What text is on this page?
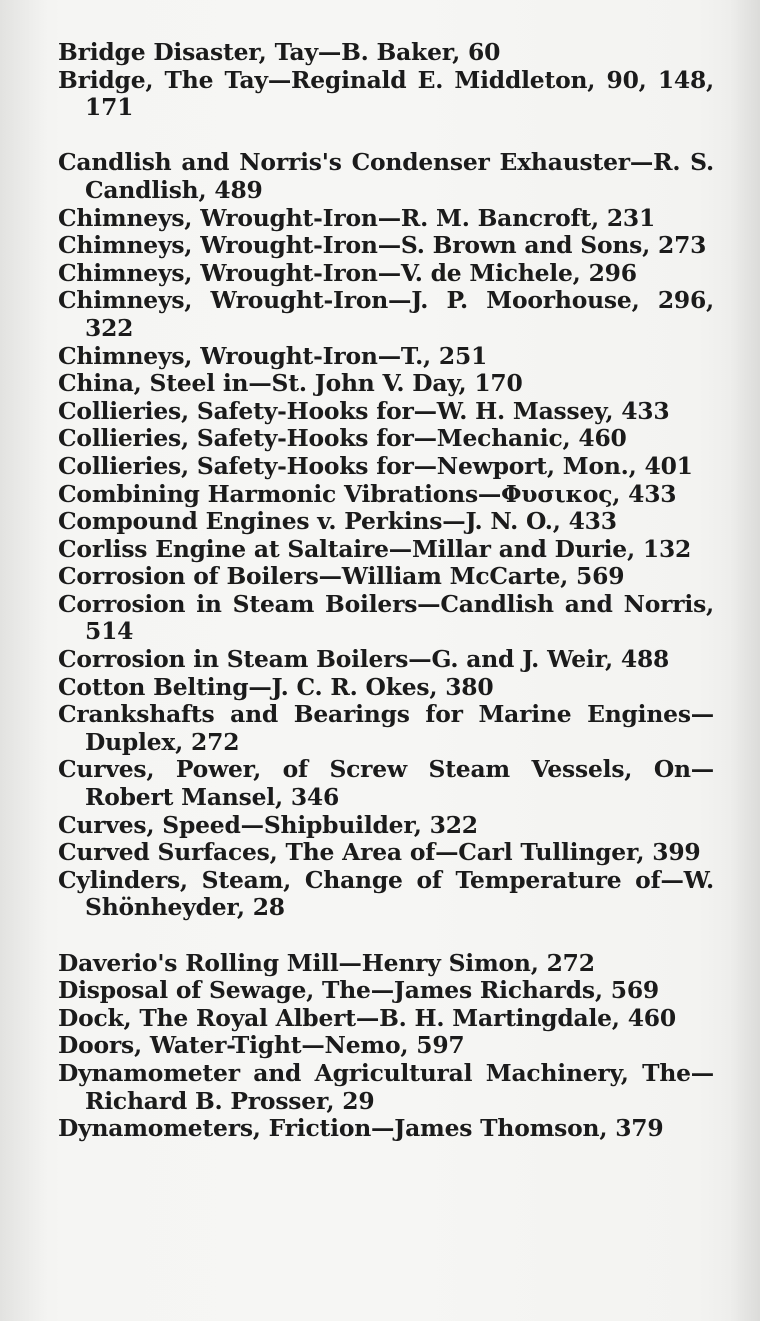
Bridge Disaster, Tay—B. Baker, 60

Bridge, The Tay—Reginald E. Middleton, 90, 148, 171

Candlish and Norris's Condenser Exhauster—R. S. Candlish, 489

Chimneys, Wrought-Iron—R. M. Bancroft, 231

Chimneys, Wrought-Iron—S. Brown and Sons, 273

Chimneys, Wrought-Iron—V. de Michele, 296

Chimneys, Wrought-Iron—J. P. Moorhouse, 296, 322

Chimneys, Wrought-Iron—T., 251

China, Steel in—St. John V. Day, 170

Collieries, Safety-Hooks for—W. H. Massey, 433

Collieries, Safety-Hooks for—Mechanic, 460

Collieries, Safety-Hooks for—Newport, Mon., 401

Combining Harmonic Vibrations—Φυσικος, 433

Compound Engines v. Perkins—J. N. O., 433

Corliss Engine at Saltaire—Millar and Durie, 132

Corrosion of Boilers—William McCarte, 569

Corrosion in Steam Boilers—Candlish and Norris, 514

Corrosion in Steam Boilers—G. and J. Weir, 488

Cotton Belting—J. C. R. Okes, 380

Crankshafts and Bearings for Marine Engines—Duplex, 272

Curves, Power, of Screw Steam Vessels, On—Robert Mansel, 346

Curves, Speed—Shipbuilder, 322

Curved Surfaces, The Area of—Carl Tullinger, 399

Cylinders, Steam, Change of Temperature of—W. Shönheyder, 28

Daverio's Rolling Mill—Henry Simon, 272

Disposal of Sewage, The—James Richards, 569

Dock, The Royal Albert—B. H. Martingdale, 460

Doors, Water-Tight—Nemo, 597

Dynamometer and Agricultural Machinery, The—Richard B. Prosser, 29

Dynamometers, Friction—James Thomson, 379
